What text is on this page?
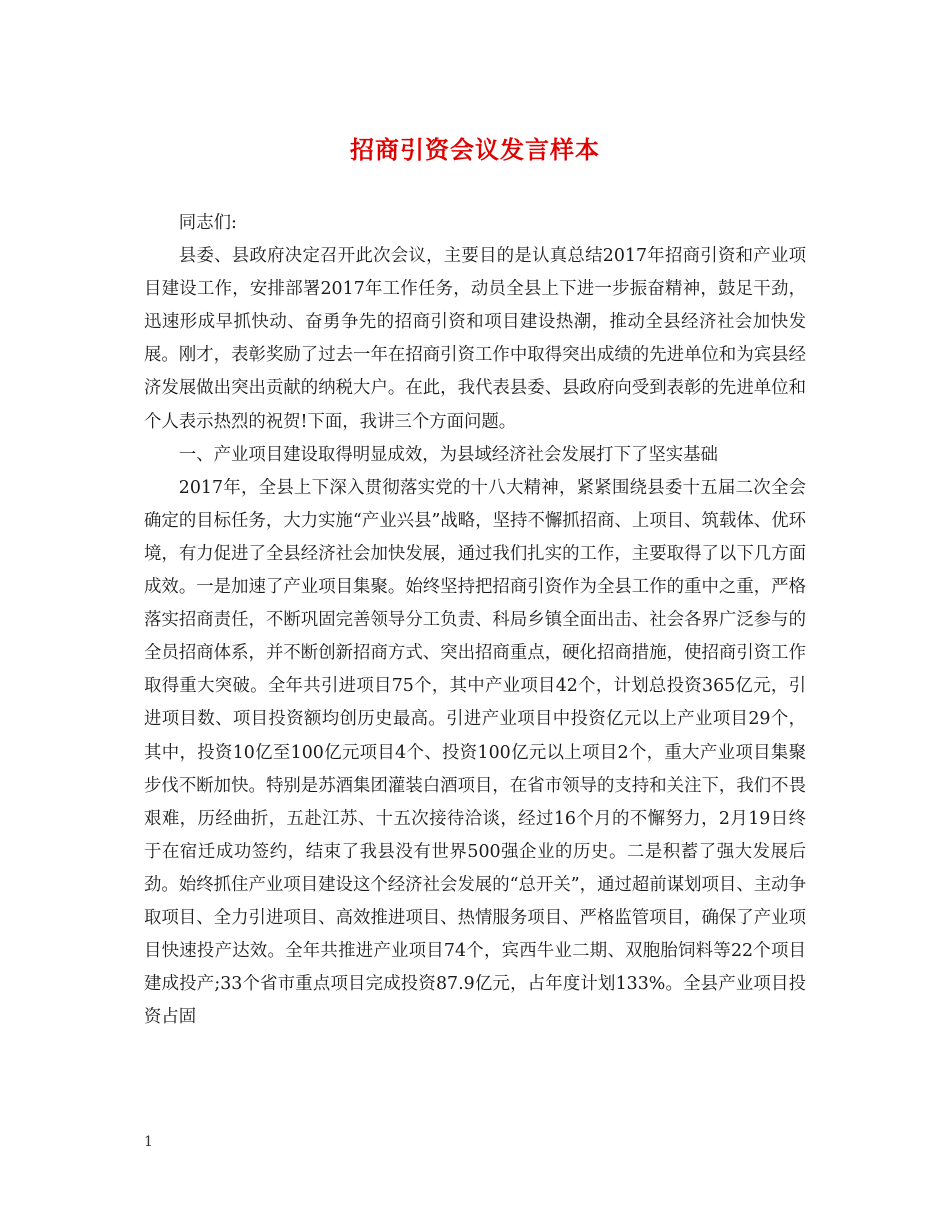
招商引资会议发言样本

同志们:

县委、县政府决定召开此次会议，主要目的是认真总结2017年招商引资和产业项目建设工作，安排部署2017年工作任务，动员全县上下进一步振奋精神，鼓足干劲，迅速形成早抓快动、奋勇争先的招商引资和项目建设热潮，推动全县经济社会加快发展。刚才，表彰奖励了过去一年在招商引资工作中取得突出成绩的先进单位和为宾县经济发展做出突出贡献的纳税大户。在此，我代表县委、县政府向受到表彰的先进单位和个人表示热烈的祝贺!下面，我讲三个方面问题。

一、产业项目建设取得明显成效，为县域经济社会发展打下了坚实基础

2017年，全县上下深入贯彻落实党的十八大精神，紧紧围绕县委十五届二次全会确定的目标任务，大力实施“产业兴县”战略，坚持不懈抓招商、上项目、筑载体、优环境，有力促进了全县经济社会加快发展，通过我们扎实的工作，主要取得了以下几方面成效。一是加速了产业项目集聚。始终坚持把招商引资作为全县工作的重中之重，严格落实招商责任，不断巩固完善领导分工负责、科局乡镇全面出击、社会各界广泛参与的全员招商体系，并不断创新招商方式、突出招商重点，硬化招商措施，使招商引资工作取得重大突破。全年共引进项目75个，其中产业项目42个，计划总投资365亿元，引进项目数、项目投资额均创历史最高。引进产业项目中投资亿元以上产业项目29个，其中，投资10亿至100亿元项目4个、投资100亿元以上项目2个，重大产业项目集聚步伐不断加快。特别是苏酒集团灌装白酒项目，在省市领导的支持和关注下，我们不畏艰难，历经曲折，五赴江苏、十五次接待洽谈，经过16个月的不懈努力，2月19日终于在宿迁成功签约，结束了我县没有世界500强企业的历史。二是积蓄了强大发展后劲。始终抓住产业项目建设这个经济社会发展的“总开关”，通过超前谋划项目、主动争取项目、全力引进项目、高效推进项目、热情服务项目、严格监管项目，确保了产业项目快速投产达效。全年共推进产业项目74个，宾西牛业二期、双胞胎饲料等22个项目建成投产;33个省市重点项目完成投资87.9亿元，占年度计划133%。全县产业项目投资占固

1
